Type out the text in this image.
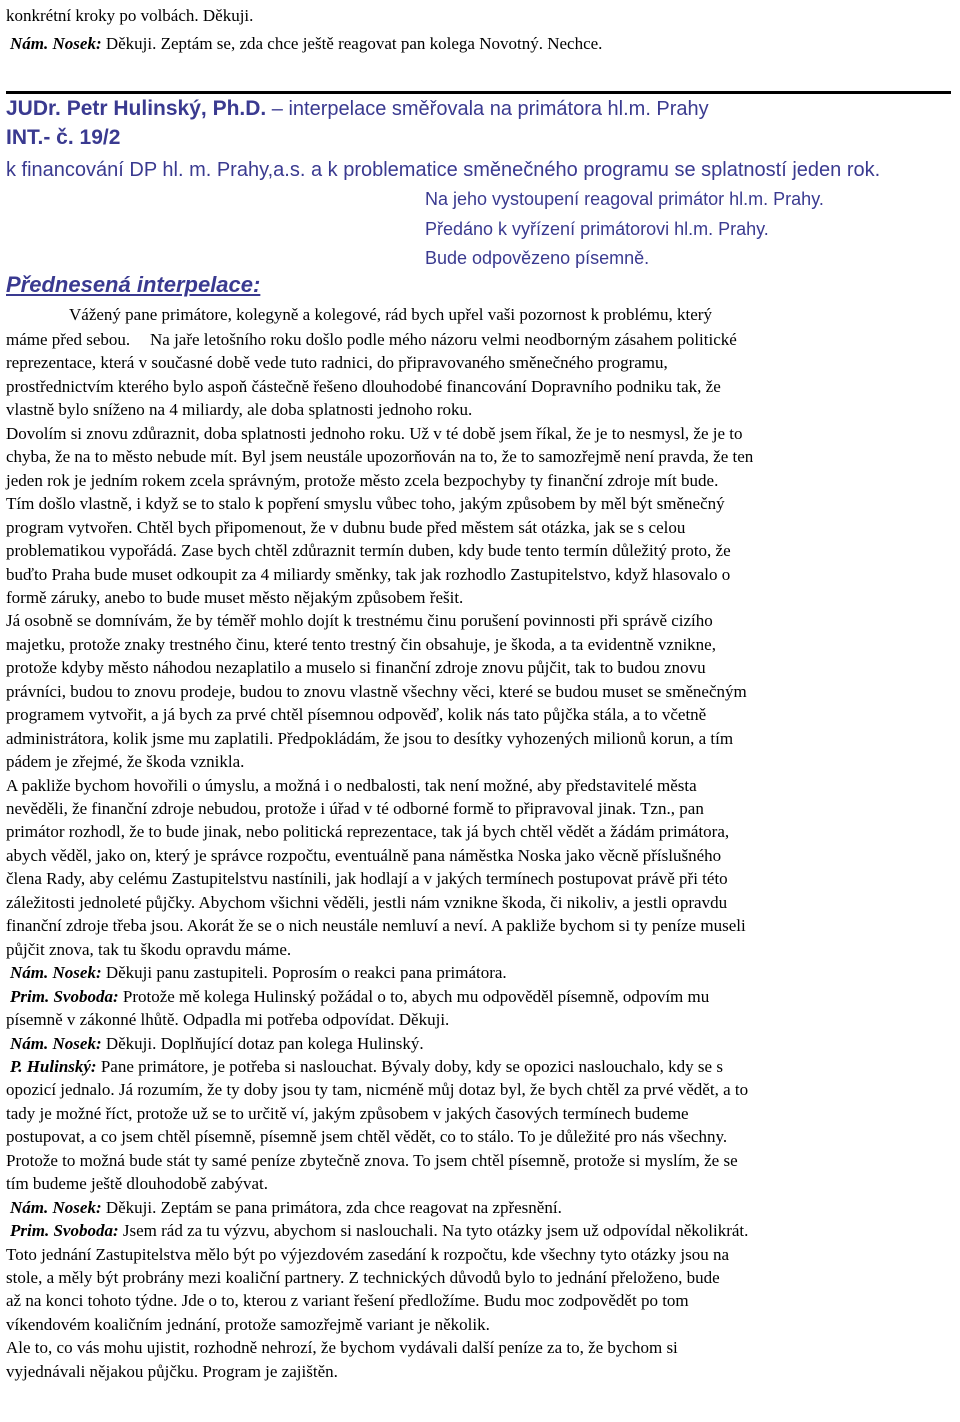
konkrétní kroky po volbách. Děkuji.
Nám. Nosek: Děkuji. Zeptám se, zda chce ještě reagovat pan kolega Novotný. Nechce.
JUDr. Petr Hulinský, Ph.D. – interpelace směřovala na primátora hl.m. Prahy
INT.- č. 19/2
k financování DP hl. m. Prahy,a.s. a k problematice směnečného programu se splatností jeden rok.
Na jeho vystoupení reagoval primátor hl.m. Prahy.
Předáno k vyřízení primátorovi hl.m. Prahy.
Bude odpovězeno písemně.
Přednesená interpelace:
Vážený pane primátore, kolegyně a kolegové, rád bych upřel vaši pozornost k problému, který
máme před sebou. Na jaře letošního roku došlo podle mého názoru velmi neodborným zásahem politické
reprezentace, která v současné době vede tuto radnici, do připravovaného směnečného programu,
prostřednictvím kterého bylo aspoň částečně řešeno dlouhodobé financování Dopravního podniku tak, že
vlastně bylo sníženo na 4 miliardy, ale doba splatnosti jednoho roku.
Dovolím si znovu zdůraznit, doba splatnosti jednoho roku. Už v té době jsem říkal, že je to nesmysl, že je to
chyba, že na to město nebude mít. Byl jsem neustále upozorňován na to, že to samozřejmě není pravda, že ten
jeden rok je jedním rokem zcela správným, protože město zcela bezpochyby ty finanční zdroje mít bude.
Tím došlo vlastně, i když se to stalo k popření smyslu vůbec toho, jakým způsobem by měl být směnečný
program vytvořen. Chtěl bych připomenout, že v dubnu bude před městem sát otázka, jak se s celou
problematikou vypořádá. Zase bych chtěl zdůraznit termín duben, kdy bude tento termín důležitý proto, že
buďto Praha bude muset odkoupit za 4 miliardy směnky, tak jak rozhodlo Zastupitelstvo, když hlasovalo o
formě záruky, anebo to bude muset město nějakým způsobem řešit.
Já osobně se domnívám, že by téměř mohlo dojít k trestnému činu porušení povinnosti při správě cizího
majetku, protože znaky trestného činu, které tento trestný čin obsahuje, je škoda, a ta evidentně vznikne,
protože kdyby město náhodou nezaplatilo a muselo si finanční zdroje znovu půjčit, tak to budou znovu
právníci, budou to znovu prodeje, budou to znovu vlastně všechny věci, které se budou muset se směnečným
programem vytvořit, a já bych za prvé chtěl písemnou odpověď, kolik nás tato půjčka stála, a to včetně
administrátora, kolik jsme mu zaplatili. Předpokládám, že jsou to desítky vyhozených milionů korun, a tím
pádem je zřejmé, že škoda vznikla.
A pakliže bychom hovořili o úmyslu, a možná i o nedbalosti, tak není možné, aby představitelé města
nevěděli, že finanční zdroje nebudou, protože i úřad v té odborné formě to připravoval jinak. Tzn., pan
primátor rozhodl, že to bude jinak, nebo politická reprezentace, tak já bych chtěl vědět a žádám primátora,
abych věděl, jako on, který je správce rozpočtu, eventuálně pana náměstka Noska jako věcně příslušného
člena Rady, aby celému Zastupitelstvu nastínili, jak hodlají a v jakých termínech postupovat právě při této
záležitosti jednoleté půjčky. Abychom všichni věděli, jestli nám vznikne škoda, či nikoliv, a jestli opravdu
finanční zdroje třeba jsou. Akorát že se o nich neustále nemluví a neví. A pakliže bychom si ty peníze museli
půjčit znova, tak tu škodu opravdu máme.
Nám. Nosek: Děkuji panu zastupiteli. Poprosím o reakci pana primátora.
Prim. Svoboda: Protože mě kolega Hulinský požádal o to, abych mu odpověděl písemně, odpovím mu
písemně v zákonné lhůtě. Odpadla mi potřeba odpovídat. Děkuji.
Nám. Nosek: Děkuji. Doplňující dotaz pan kolega Hulinský.
P. Hulinský: Pane primátore, je potřeba si naslouchat. Bývaly doby, kdy se opozici naslouchalo, kdy se s
opozicí jednalo. Já rozumím, že ty doby jsou ty tam, nicméně můj dotaz byl, že bych chtěl za prvé vědět, a to
tady je možné říct, protože už se to určitě ví, jakým způsobem v jakých časových termínech budeme
postupovat, a co jsem chtěl písemně, písemně jsem chtěl vědět, co to stálo. To je důležité pro nás všechny.
Protože to možná bude stát ty samé peníze zbytečně znova. To jsem chtěl písemně, protože si myslím, že se
tím budeme ještě dlouhodobě zabývat.
Nám. Nosek: Děkuji. Zeptám se pana primátora, zda chce reagovat na zpřesnění.
Prim. Svoboda: Jsem rád za tu výzvu, abychom si naslouchali. Na tyto otázky jsem už odpovídal několikrát.
Toto jednání Zastupitelstva mělo být po výjezdovém zasedání k rozpočtu, kde všechny tyto otázky jsou na
stole, a měly být probrány mezi koaliční partnery. Z technických důvodů bylo to jednání přeloženo, bude
až na konci tohoto týdne. Jde o to, kterou z variant řešení předložíme. Budu moc zodpovědět po tom
víkendovém koaličním jednání, protože samozřejmě variant je několik.
Ale to, co vás mohu ujistit, rozhodně nehrozí, že bychom vydávali další peníze za to, že bychom si
vyjednávali nějakou půjčku. Program je zajištěn.
